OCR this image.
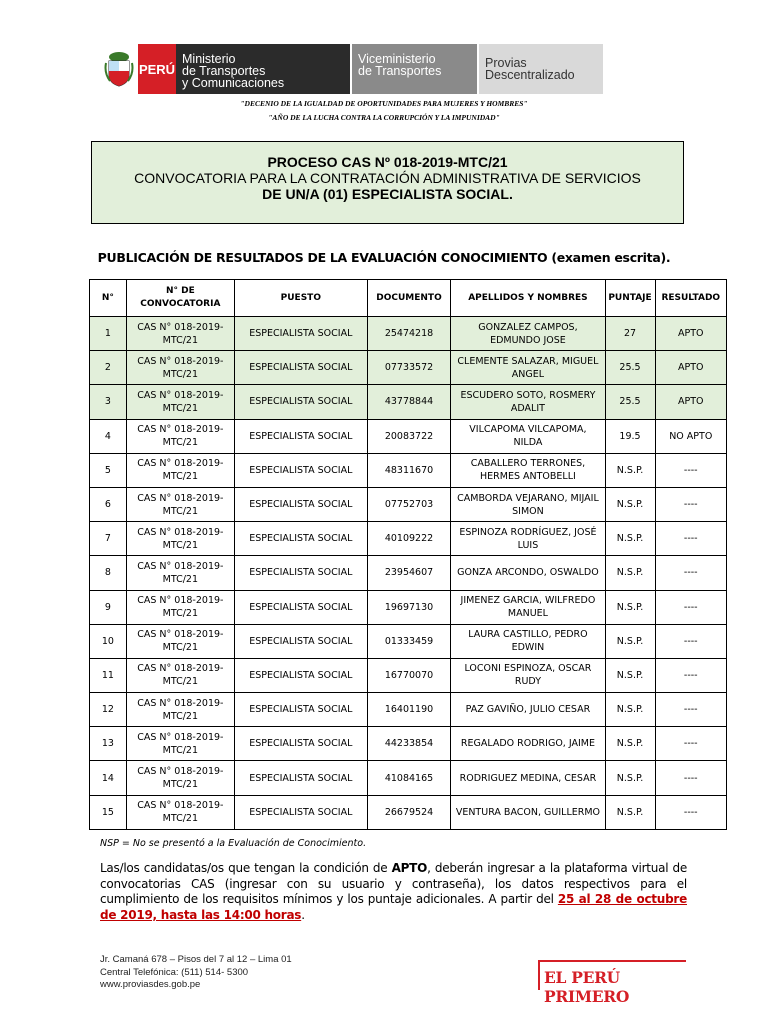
PERÚ
Ministerio
de Transportes
y Comunicaciones
Viceministerio
de Transportes
Provias
Descentralizado
"DECENIO DE LA IGUALDAD DE OPORTUNIDADES PARA MUJERES Y HOMBRES"
"AÑO DE LA LUCHA CONTRA LA CORRUPCIÓN Y LA IMPUNIDAD"
PROCESO CAS Nº 018-2019-MTC/21
CONVOCATORIA PARA LA CONTRATACIÓN ADMINISTRATIVA DE SERVICIOS
DE UN/A (01) ESPECIALISTA SOCIAL.
PUBLICACIÓN DE RESULTADOS DE LA EVALUACIÓN CONOCIMIENTO (examen escrita).
N°	N° DE CONVOCATORIA	PUESTO	DOCUMENTO	APELLIDOS Y NOMBRES	PUNTAJE	RESULTADO
1	CAS N° 018-2019-MTC/21	ESPECIALISTA SOCIAL	25474218	GONZALEZ CAMPOS, EDMUNDO JOSE	27	APTO
2	CAS N° 018-2019-MTC/21	ESPECIALISTA SOCIAL	07733572	CLEMENTE SALAZAR, MIGUEL ANGEL	25.5	APTO
3	CAS N° 018-2019-MTC/21	ESPECIALISTA SOCIAL	43778844	ESCUDERO SOTO, ROSMERY ADALIT	25.5	APTO
4	CAS N° 018-2019-MTC/21	ESPECIALISTA SOCIAL	20083722	VILCAPOMA VILCAPOMA, NILDA	19.5	NO APTO
5	CAS N° 018-2019-MTC/21	ESPECIALISTA SOCIAL	48311670	CABALLERO TERRONES, HERMES ANTOBELLI	N.S.P.	----
6	CAS N° 018-2019-MTC/21	ESPECIALISTA SOCIAL	07752703	CAMBORDA VEJARANO, MIJAIL SIMON	N.S.P.	----
7	CAS N° 018-2019-MTC/21	ESPECIALISTA SOCIAL	40109222	ESPINOZA RODRÍGUEZ, JOSÉ LUIS	N.S.P.	----
8	CAS N° 018-2019-MTC/21	ESPECIALISTA SOCIAL	23954607	GONZA ARCONDO, OSWALDO	N.S.P.	----
9	CAS N° 018-2019-MTC/21	ESPECIALISTA SOCIAL	19697130	JIMENEZ GARCIA, WILFREDO MANUEL	N.S.P.	----
10	CAS N° 018-2019-MTC/21	ESPECIALISTA SOCIAL	01333459	LAURA CASTILLO, PEDRO EDWIN	N.S.P.	----
11	CAS N° 018-2019-MTC/21	ESPECIALISTA SOCIAL	16770070	LOCONI ESPINOZA, OSCAR RUDY	N.S.P.	----
12	CAS N° 018-2019-MTC/21	ESPECIALISTA SOCIAL	16401190	PAZ GAVIÑO, JULIO CESAR	N.S.P.	----
13	CAS N° 018-2019-MTC/21	ESPECIALISTA SOCIAL	44233854	REGALADO RODRIGO, JAIME	N.S.P.	----
14	CAS N° 018-2019-MTC/21	ESPECIALISTA SOCIAL	41084165	RODRIGUEZ MEDINA, CESAR	N.S.P.	----
15	CAS N° 018-2019-MTC/21	ESPECIALISTA SOCIAL	26679524	VENTURA BACON, GUILLERMO	N.S.P.	----
NSP = No se presentó a la Evaluación de Conocimiento.
Las/los candidatas/os que tengan la condición de APTO, deberán ingresar a la plataforma virtual de convocatorias CAS (ingresar con su usuario y contraseña), los datos respectivos para el cumplimiento de los requisitos mínimos y los puntaje adicionales. A partir del 25 al 28 de octubre de 2019, hasta las 14:00 horas.
Jr. Camaná 678 – Pisos del 7 al 12 – Lima 01
Central Telefónica: (511) 514- 5300
www.proviasdes.gob.pe	EL PERÚ PRIMERO
